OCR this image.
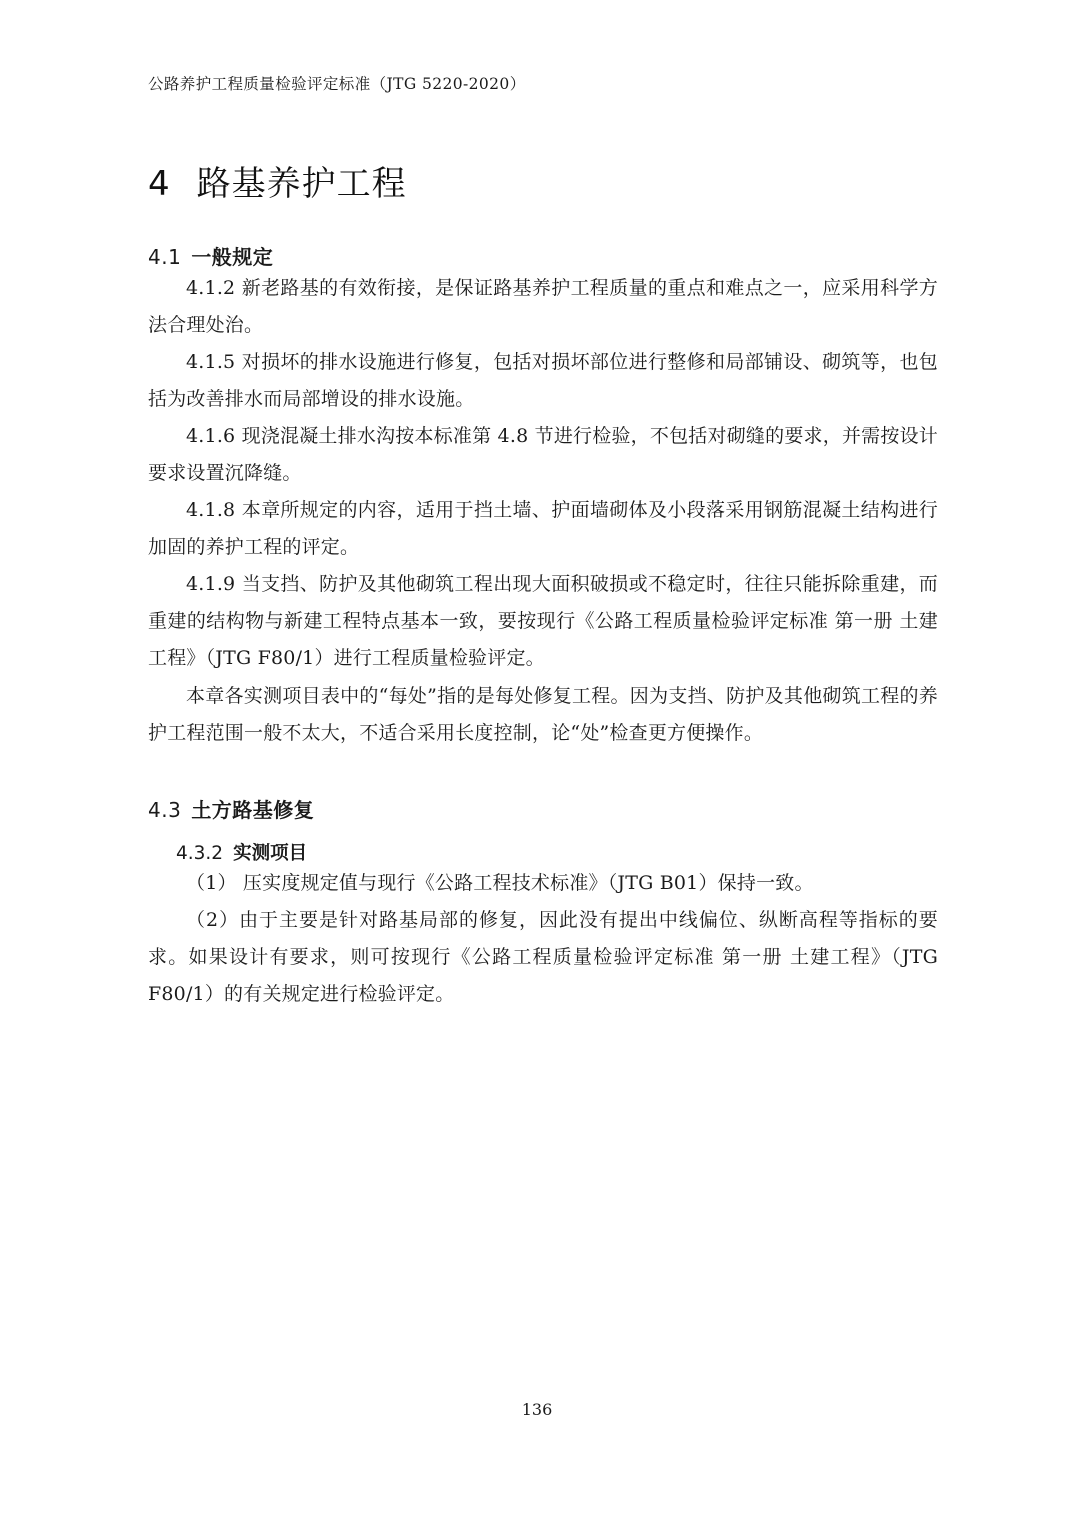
公路养护工程质量检验评定标准（JTG 5220-2020）
4 路基养护工程
4.1 一般规定

4.1.2 新老路基的有效衔接，是保证路基养护工程质量的重点和难点之一，应采用科学方法合理处治。

4.1.5 对损坏的排水设施进行修复，包括对损坏部位进行整修和局部铺设、砌筑等，也包括为改善排水而局部增设的排水设施。

4.1.6 现浇混凝土排水沟按本标准第 4.8 节进行检验，不包括对砌缝的要求，并需按设计要求设置沉降缝。

4.1.8 本章所规定的内容，适用于挡土墙、护面墙砌体及小段落采用钢筋混凝土结构进行加固的养护工程的评定。

4.1.9 当支挡、防护及其他砌筑工程出现大面积破损或不稳定时，往往只能拆除重建，而重建的结构物与新建工程特点基本一致，要按现行《公路工程质量检验评定标准 第一册 土建工程》（JTG F80/1）进行工程质量检验评定。

本章各实测项目表中的“每处”指的是每处修复工程。因为支挡、防护及其他砌筑工程的养护工程范围一般不太大，不适合采用长度控制，论“处”检查更方便操作。

4.3 土方路基修复
4.3.2 实测项目

（1） 压实度规定值与现行《公路工程技术标准》（JTG B01）保持一致。

（2）由于主要是针对路基局部的修复，因此没有提出中线偏位、纵断高程等指标的要求。如果设计有要求，则可按现行《公路工程质量检验评定标准 第一册 土建工程》（JTG F80/1）的有关规定进行检验评定。

136
